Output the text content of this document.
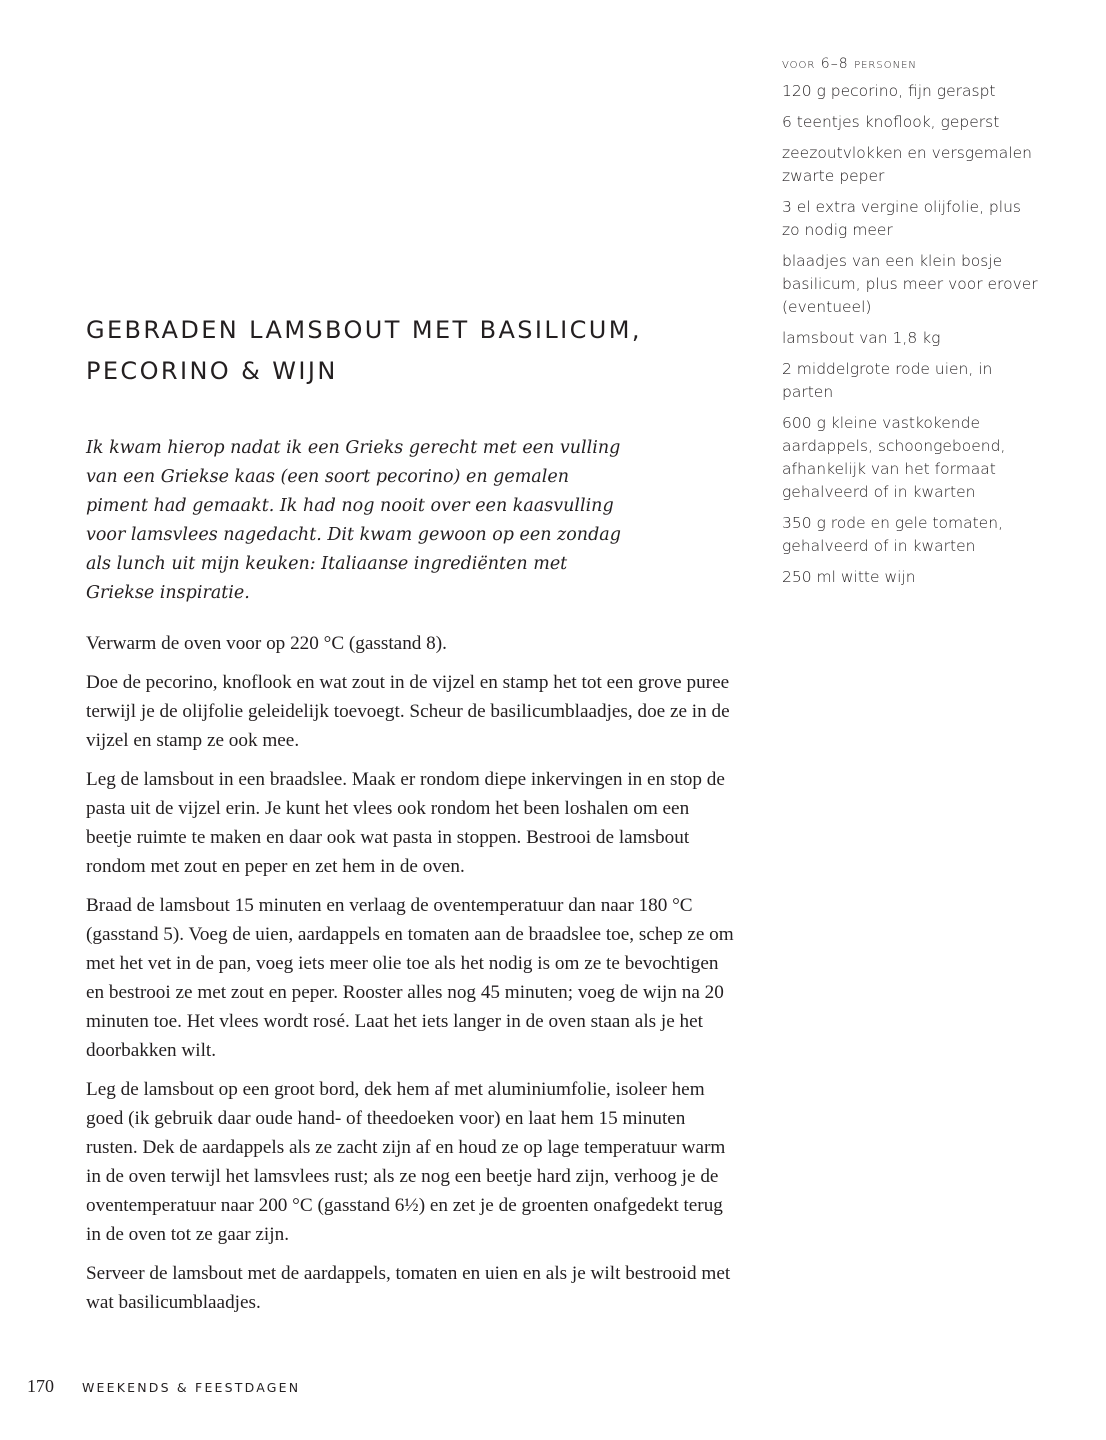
voor 6–8 personen
120 g pecorino, fijn geraspt
6 teentjes knoflook, geperst
zeezoutvlokken en versgemalen zwarte peper
3 el extra vergine olijfolie, plus zo nodig meer
blaadjes van een klein bosje basilicum, plus meer voor erover (eventueel)
lamsbout van 1,8 kg
2 middelgrote rode uien, in parten
600 g kleine vastkokende aardappels, schoongeboend, afhankelijk van het formaat gehalveerd of in kwarten
350 g rode en gele tomaten, gehalveerd of in kwarten
250 ml witte wijn
GEBRADEN LAMSBOUT MET BASILICUM, PECORINO & WIJN

Ik kwam hierop nadat ik een Grieks gerecht met een vulling van een Griekse kaas (een soort pecorino) en gemalen piment had gemaakt. Ik had nog nooit over een kaasvulling voor lamsvlees nagedacht. Dit kwam gewoon op een zondag als lunch uit mijn keuken: Italiaanse ingrediënten met Griekse inspiratie.

Verwarm de oven voor op 220 °C (gasstand 8).

Doe de pecorino, knoflook en wat zout in de vijzel en stamp het tot een grove puree terwijl je de olijfolie geleidelijk toevoegt. Scheur de basilicumblaadjes, doe ze in de vijzel en stamp ze ook mee.

Leg de lamsbout in een braadslee. Maak er rondom diepe inkervingen in en stop de pasta uit de vijzel erin. Je kunt het vlees ook rondom het been loshalen om een beetje ruimte te maken en daar ook wat pasta in stoppen. Bestrooi de lamsbout rondom met zout en peper en zet hem in de oven.

Braad de lamsbout 15 minuten en verlaag de oventemperatuur dan naar 180 °C (gasstand 5). Voeg de uien, aardappels en tomaten aan de braadslee toe, schep ze om met het vet in de pan, voeg iets meer olie toe als het nodig is om ze te bevochtigen en bestrooi ze met zout en peper. Rooster alles nog 45 minuten; voeg de wijn na 20 minuten toe. Het vlees wordt rosé. Laat het iets langer in de oven staan als je het doorbakken wilt.

Leg de lamsbout op een groot bord, dek hem af met aluminiumfolie, isoleer hem goed (ik gebruik daar oude hand- of theedoeken voor) en laat hem 15 minuten rusten. Dek de aardappels als ze zacht zijn af en houd ze op lage temperatuur warm in de oven terwijl het lamsvlees rust; als ze nog een beetje hard zijn, verhoog je de oventemperatuur naar 200 °C (gasstand 6½) en zet je de groenten onafgedekt terug in de oven tot ze gaar zijn.

Serveer de lamsbout met de aardappels, tomaten en uien en als je wilt bestrooid met wat basilicumblaadjes.

170 WEEKENDS & FEESTDAGEN
